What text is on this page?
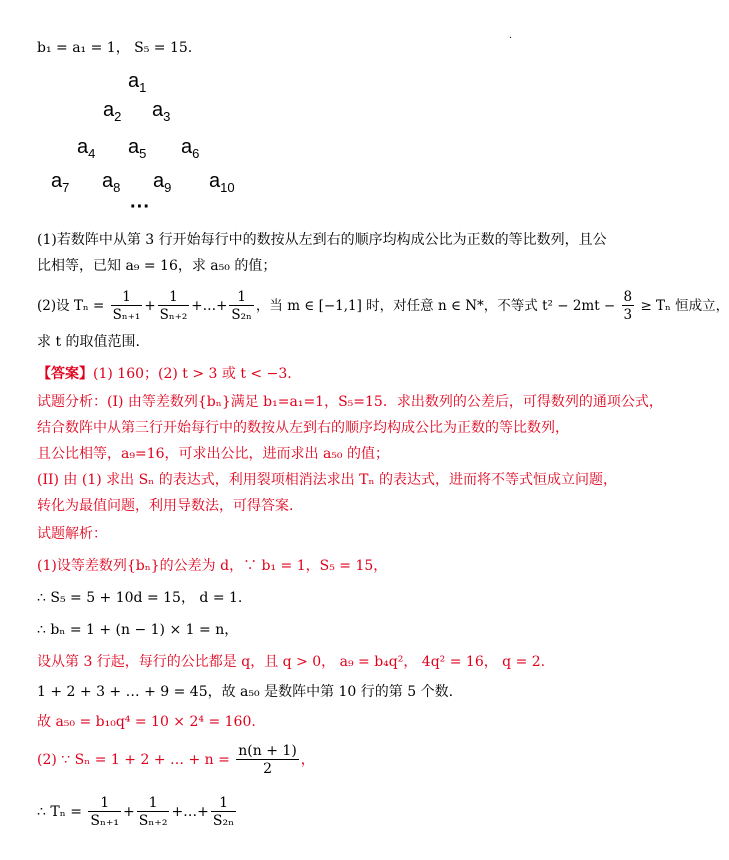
.
b₁ = a₁ = 1， S₅ = 15.
$a_1$
$a_2$ $a_3$
$a_4$ $a_5$ $a_6$
$a_7$ $a_8$ $a_9$ $a_{10}$
···
(1)若数阵中从第 3 行开始每行中的数按从左到右的顺序均构成公比为正数的等比数列，且公
比相等，已知 a₉ = 16，求 a₅₀ 的值；
(2)设 $T_n = \frac{1}{\text{Sₙ₊₁}} + \frac{1}{\text{Sₙ₊₂}}$ +…+ $\frac{1}{\text{S₂ₙ}}$ ，当 m ∈ [−1,1] 时，对任意 n ∈ N*，不等式 $t^2 - 2mt - \frac{8}{3} \ge T_n$ 恒成立，
求 t 的取值范围.
【答案】(1) 160；(2) t > 3 或 t < −3.
试题分析：(I) 由等差数列{bₙ}满足 b₁=a₁=1，S₅=15．求出数列的公差后，可得数列的通项公式，
结合数阵中从第三行开始每行中的数按从左到右的顺序均构成公比为正数的等比数列，
且公比相等，a₉=16，可求出公比，进而求出 a₅₀ 的值；
(II) 由 (1) 求出 Sₙ 的表达式，利用裂项相消法求出 Tₙ 的表达式，进而将不等式恒成立问题，
转化为最值问题，利用导数法，可得答案.
试题解析：
(1)设等差数列{bₙ}的公差为 d，∵ b₁ = 1，S₅ = 15，
∴ S₅ = 5 + 10d = 15， d = 1.
∴ bₙ = 1 + (n − 1) × 1 = n，
设从第 3 行起，每行的公比都是 q，且 q > 0， a₉ = b₄q²， 4q² = 16， q = 2.
1 + 2 + 3 + … + 9 = 45，故 a₅₀ 是数阵中第 10 行的第 5 个数.
故 a₅₀ = b₁₀q⁴ = 10 × 2⁴ = 160.
(2) ∵ Sₙ = 1 + 2 + … + $n = \frac{n(n + 1)}{2}$ ，
∴ $T_n = \frac{1}{\text{Sₙ₊₁}} + \frac{1}{\text{Sₙ₊₂}}$ +…+ $\frac{1}{\text{S₂ₙ}}$
